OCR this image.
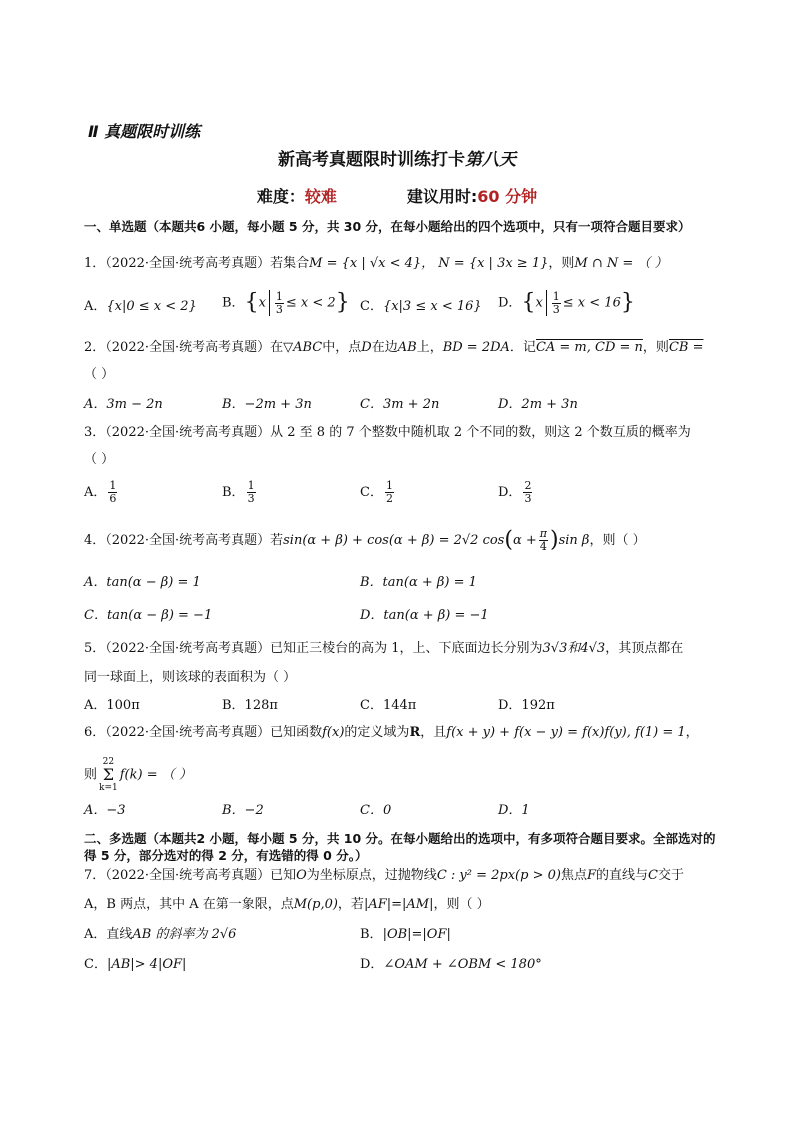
Ⅱ 真题限时训练
新高考真题限时训练打卡第八天
难度：较难	建议用时:60 分钟
一、单选题（本题共6 小题，每小题 5 分，共 30 分，在每小题给出的四个选项中，只有一项符合题目要求）
1．（2022·全国·统考高考真题）若集合M = {x | √x < 4}， N = {x | 3x ≥ 1}，则M ∩ N = （ ）
A．{x|0 ≤ x < 2} B．$\{x \frac{1}{3} \le x < 2\}$ C．{x|3 ≤ x < 16} D．$\{x \frac{1}{3} \le x < 16\}$
2．（2022·全国·统考高考真题）在▽ABC中，点D在边AB上，BD = 2DA．记CA = m, CD = n，则CB =
（ ）
A．3m − 2n	B．−2m + 3n	C．3m + 2n	D．2m + 3n
3．（2022·全国·统考高考真题）从 2 至 8 的 7 个整数中随机取 2 个不同的数，则这 2 个数互质的概率为
（ ）
A． $\frac{1}{6}$	B． $\frac{1}{3}$	C． $\frac{1}{2}$	D． $\frac{2}{3}$
4．（2022·全国·统考高考真题）若sin(α + β) + cos(α + β) = 2√2 $\cos(\alpha + \frac{\pi}{4} )\sin$ β，则（ ）
A．tan(α − β) = 1	B．tan(α + β) = 1
C．tan(α − β) = −1	D．tan(α + β) = −1
5．（2022·全国·统考高考真题）已知正三棱台的高为 1，上、下底面边长分别为3√3和4√3，其顶点都在
同一球面上，则该球的表面积为（ ）
A．100π	B．128π	C．144π	D．192π
6．（2022·全国·统考高考真题）已知函数f(x)的定义域为R，且f(x + y) + f(x − y) = f(x)f(y), f(1) = 1，
则
22
Σ
k=1
f(k) = （ ）
A．−3	B．−2	C．0	D．1
二、多选题（本题共2 小题，每小题 5 分，共 10 分。在每小题给出的选项中，有多项符合题目要求。全部选对的得 5 分，部分选对的得 2 分，有选错的得 0 分。）
7．（2022·全国·统考高考真题）已知O为坐标原点，过抛物线C : y² = 2px(p > 0)焦点F的直线与C交于
A，B 两点，其中 A 在第一象限，点M(p,0)，若|AF|=|AM|，则（ ）
A．直线AB 的斜率为 2√6	B．|OB|=|OF|
C．|AB|> 4|OF|	D．∠OAM + ∠OBM < 180°
